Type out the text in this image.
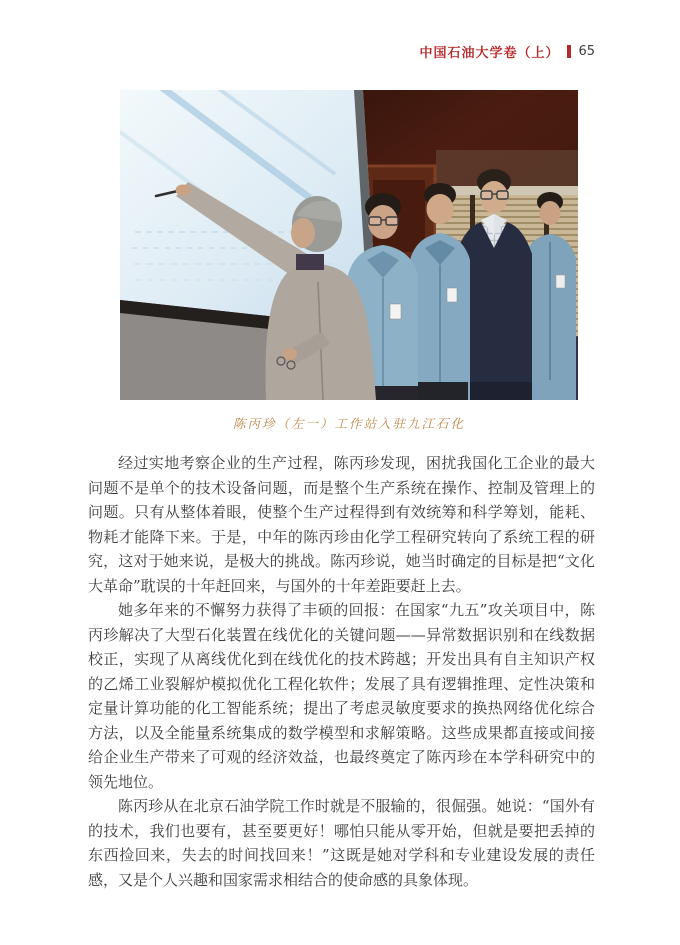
中国石油大学卷（上） 65
陈丙珍（左一）工作站入驻九江石化

经过实地考察企业的生产过程，陈丙珍发现，困扰我国化工企业的最大问题不是单个的技术设备问题，而是整个生产系统在操作、控制及管理上的问题。只有从整体着眼，使整个生产过程得到有效统筹和科学筹划，能耗、物耗才能降下来。于是，中年的陈丙珍由化学工程研究转向了系统工程的研究，这对于她来说，是极大的挑战。陈丙珍说，她当时确定的目标是把“文化大革命”耽误的十年赶回来，与国外的十年差距要赶上去。

她多年来的不懈努力获得了丰硕的回报：在国家“九五”攻关项目中，陈丙珍解决了大型石化装置在线优化的关键问题——异常数据识别和在线数据校正，实现了从离线优化到在线优化的技术跨越；开发出具有自主知识产权的乙烯工业裂解炉模拟优化工程化软件；发展了具有逻辑推理、定性决策和定量计算功能的化工智能系统；提出了考虑灵敏度要求的换热网络优化综合方法，以及全能量系统集成的数学模型和求解策略。这些成果都直接或间接给企业生产带来了可观的经济效益，也最终奠定了陈丙珍在本学科研究中的领先地位。

陈丙珍从在北京石油学院工作时就是不服输的，很倔强。她说：“国外有的技术，我们也要有，甚至要更好！哪怕只能从零开始，但就是要把丢掉的东西捡回来，失去的时间找回来！”这既是她对学科和专业建设发展的责任感，又是个人兴趣和国家需求相结合的使命感的具象体现。
